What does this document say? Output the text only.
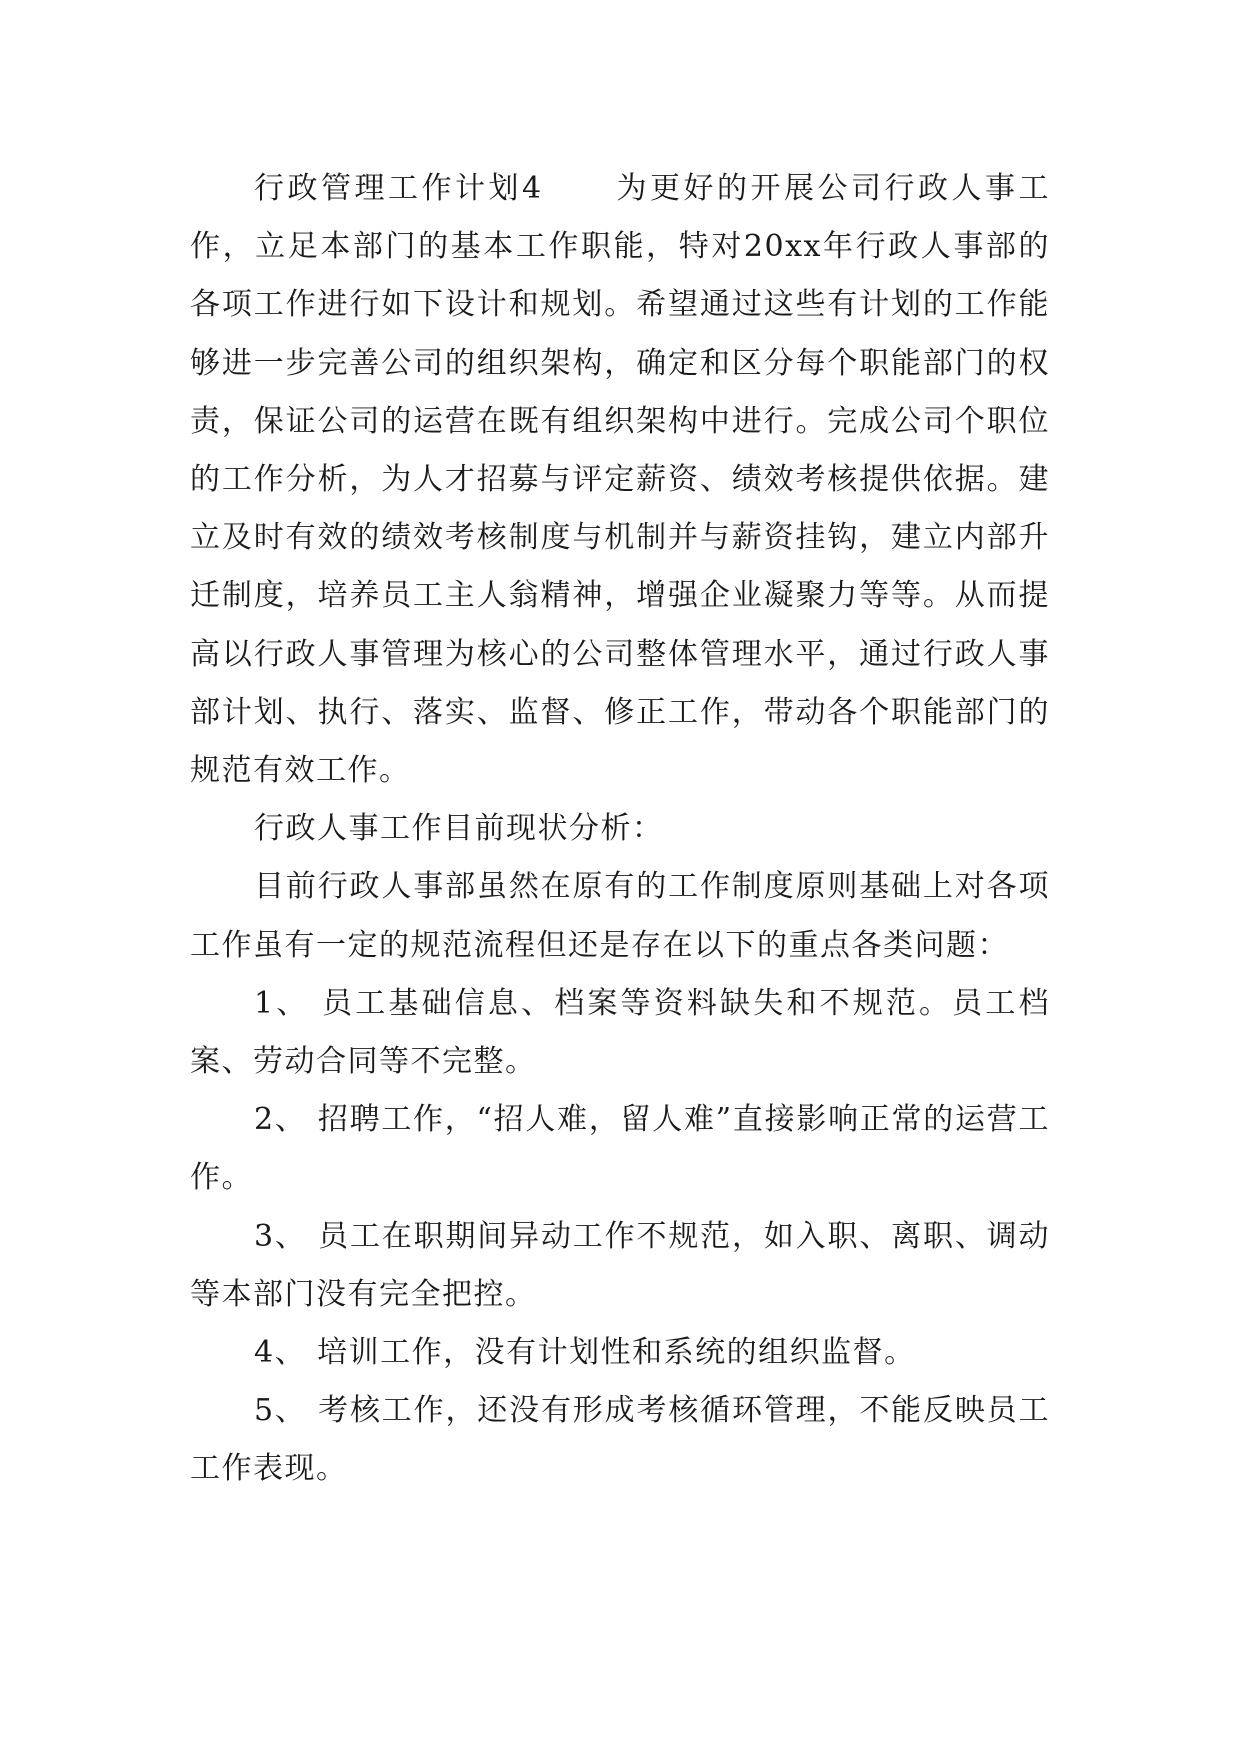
行政管理工作计划4 为更好的开展公司行政人事工作，立足本部门的基本工作职能，特对20xx年行政人事部的各项工作进行如下设计和规划。希望通过这些有计划的工作能够进一步完善公司的组织架构，确定和区分每个职能部门的权责，保证公司的运营在既有组织架构中进行。完成公司个职位的工作分析，为人才招募与评定薪资、绩效考核提供依据。建立及时有效的绩效考核制度与机制并与薪资挂钩，建立内部升迁制度，培养员工主人翁精神，增强企业凝聚力等等。从而提高以行政人事管理为核心的公司整体管理水平，通过行政人事部计划、执行、落实、监督、修正工作，带动各个职能部门的规范有效工作。

行政人事工作目前现状分析：

目前行政人事部虽然在原有的工作制度原则基础上对各项工作虽有一定的规范流程但还是存在以下的重点各类问题：

1、 员工基础信息、档案等资料缺失和不规范。员工档案、劳动合同等不完整。

2、 招聘工作，“招人难，留人难”直接影响正常的运营工作。

3、 员工在职期间异动工作不规范，如入职、离职、调动等本部门没有完全把控。

4、 培训工作，没有计划性和系统的组织监督。

5、 考核工作，还没有形成考核循环管理，不能反映员工工作表现。
